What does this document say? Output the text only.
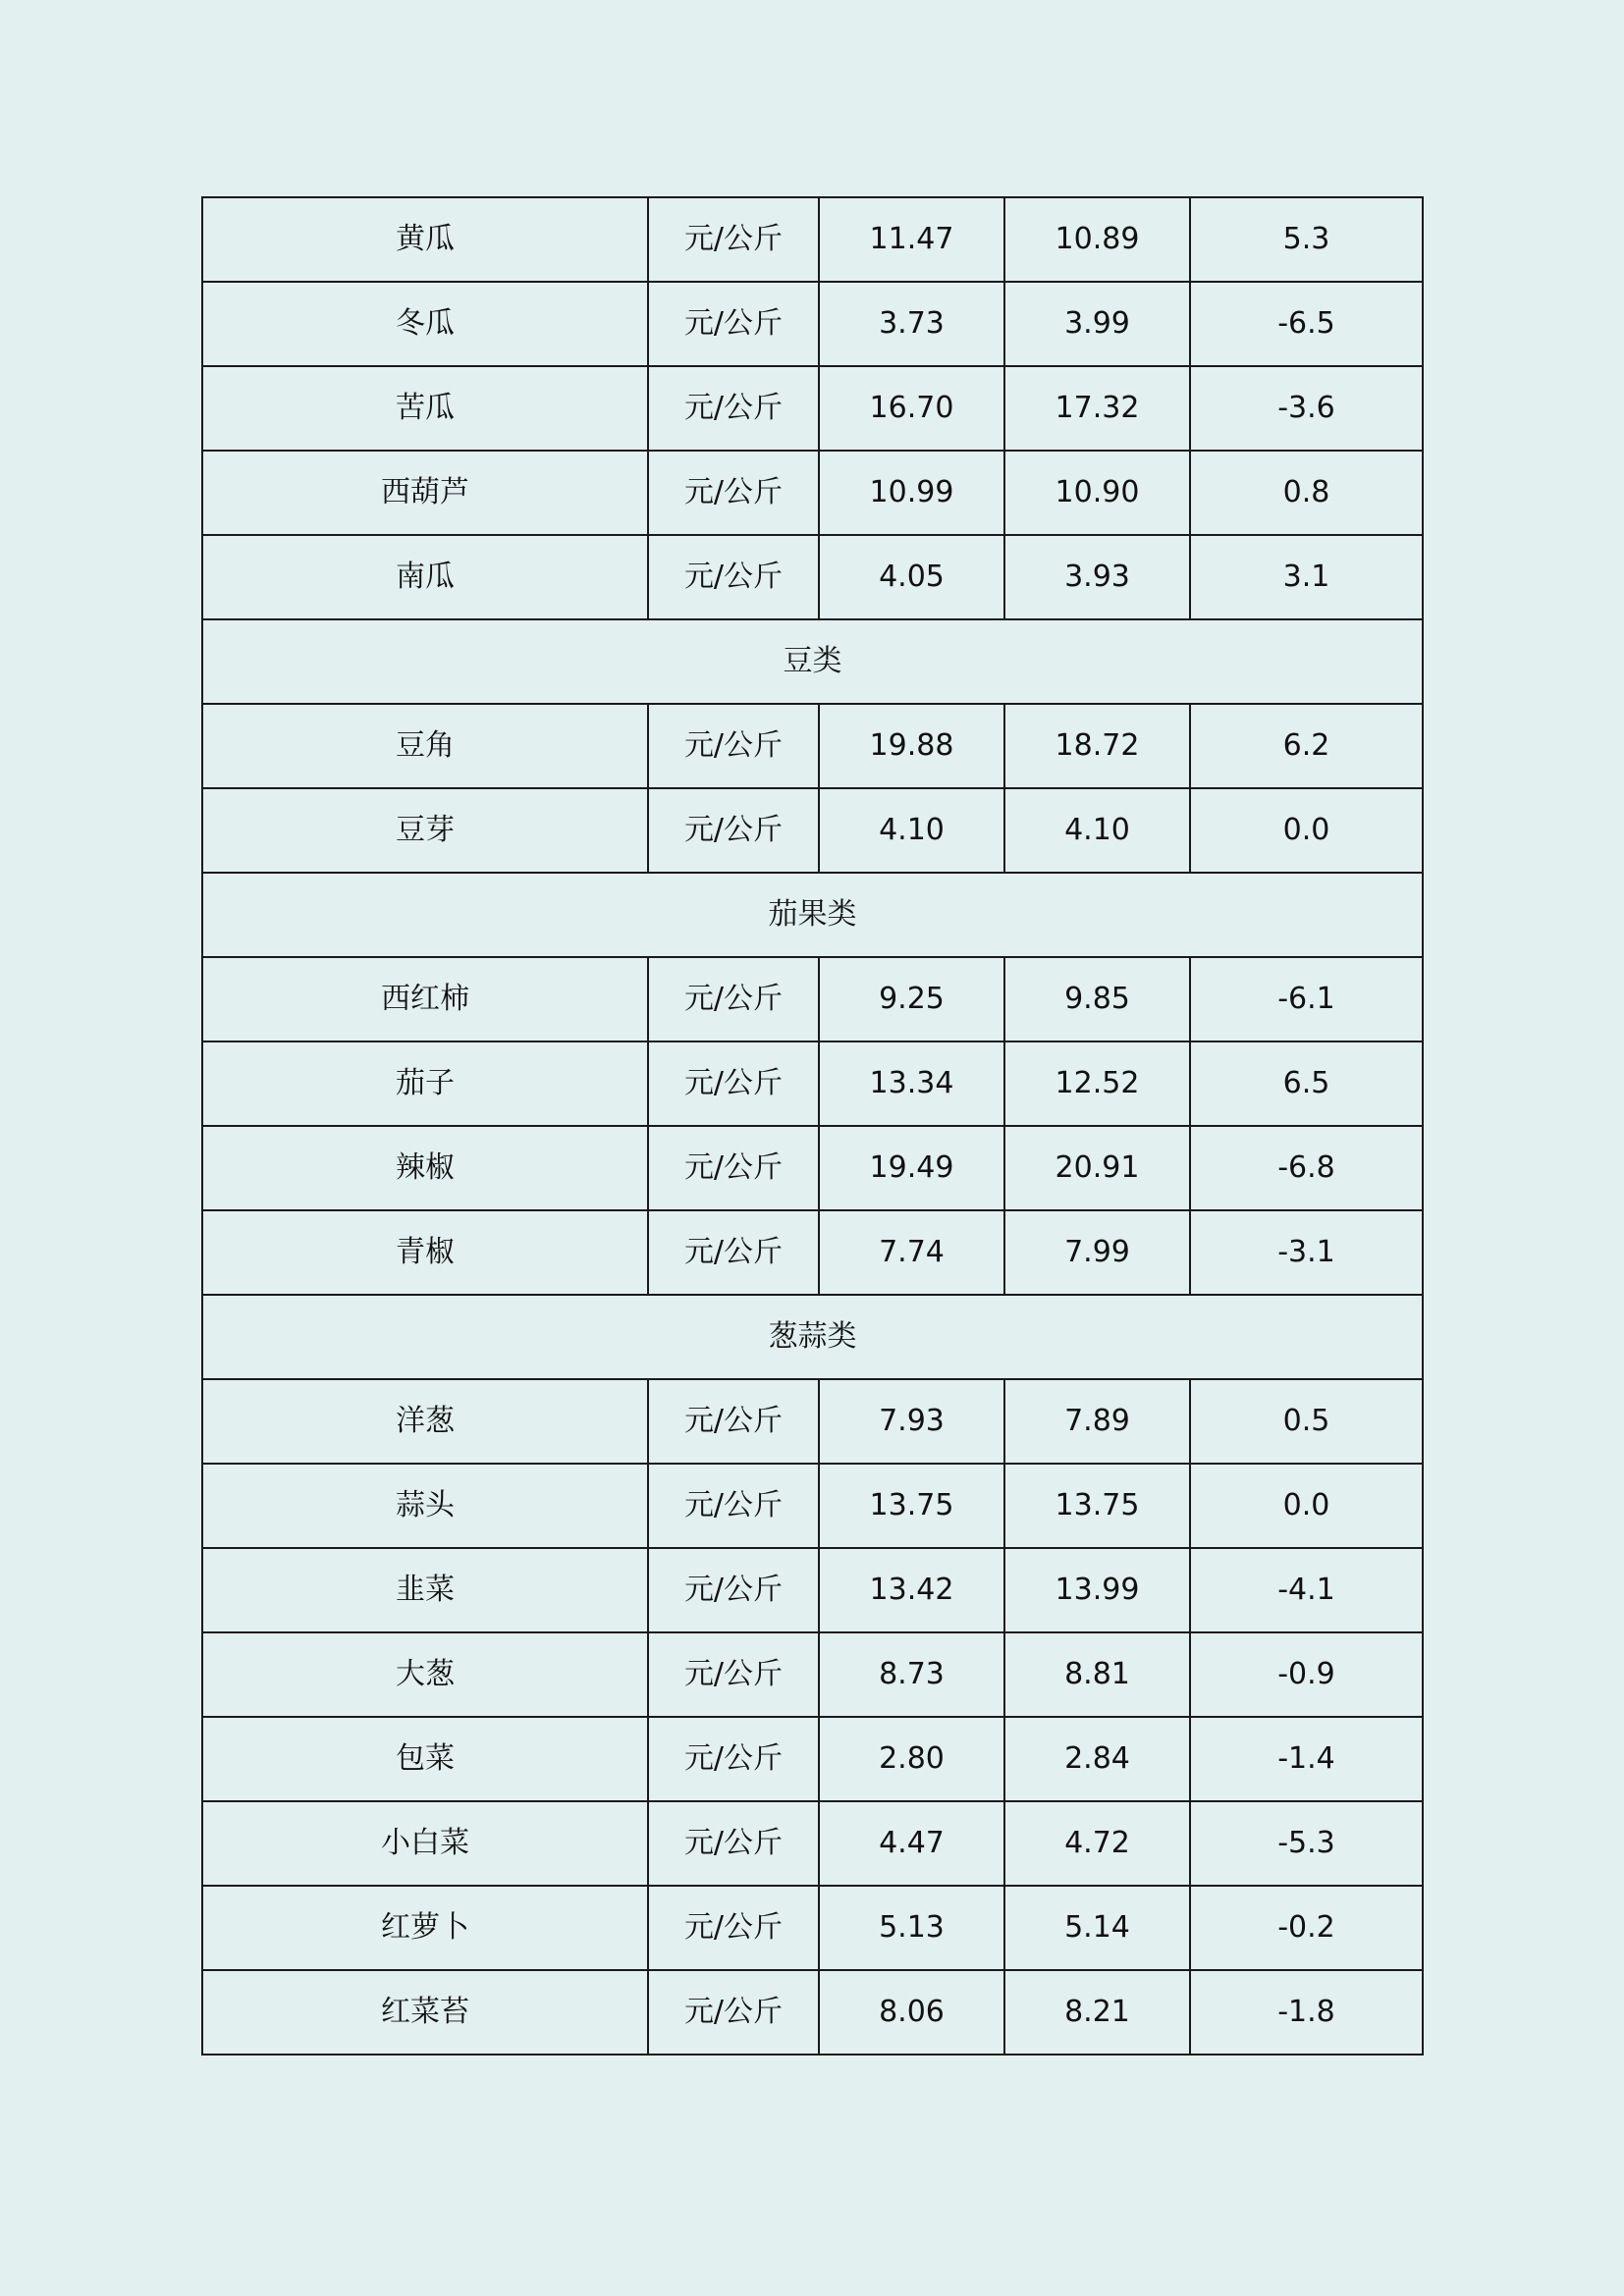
黄瓜	元/公斤	11.47	10.89	5.3
冬瓜	元/公斤	3.73	3.99	-6.5
苦瓜	元/公斤	16.70	17.32	-3.6
西葫芦	元/公斤	10.99	10.90	0.8
南瓜	元/公斤	4.05	3.93	3.1
豆类				
豆角	元/公斤	19.88	18.72	6.2
豆芽	元/公斤	4.10	4.10	0.0
茄果类				
西红柿	元/公斤	9.25	9.85	-6.1
茄子	元/公斤	13.34	12.52	6.5
辣椒	元/公斤	19.49	20.91	-6.8
青椒	元/公斤	7.74	7.99	-3.1
葱蒜类				
洋葱	元/公斤	7.93	7.89	0.5
蒜头	元/公斤	13.75	13.75	0.0
韭菜	元/公斤	13.42	13.99	-4.1
大葱	元/公斤	8.73	8.81	-0.9
包菜	元/公斤	2.80	2.84	-1.4
小白菜	元/公斤	4.47	4.72	-5.3
红萝卜	元/公斤	5.13	5.14	-0.2
红菜苔	元/公斤	8.06	8.21	-1.8
